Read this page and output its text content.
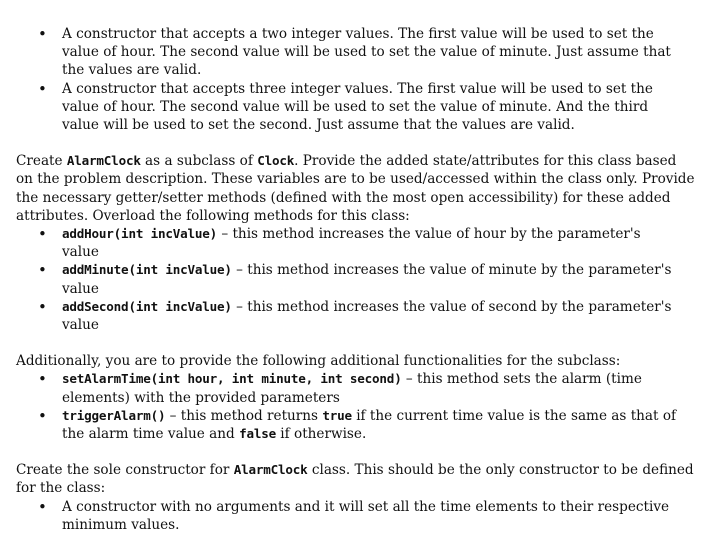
• A constructor that accepts a two integer values. The first value will be used to set the value of hour. The second value will be used to set the value of minute. Just assume that the values are valid.
• A constructor that accepts three integer values. The first value will be used to set the value of hour. The second value will be used to set the value of minute. And the third value will be used to set the second. Just assume that the values are valid.

Create AlarmClock as a subclass of Clock. Provide the added state/attributes for this class based on the problem description. These variables are to be used/accessed within the class only. Provide the necessary getter/setter methods (defined with the most open accessibility) for these added attributes. Overload the following methods for this class:

• addHour(int incValue) – this method increases the value of hour by the parameter's value
• addMinute(int incValue) – this method increases the value of minute by the parameter's value
• addSecond(int incValue) – this method increases the value of second by the parameter's value

Additionally, you are to provide the following additional functionalities for the subclass:

• setAlarmTime(int hour, int minute, int second) – this method sets the alarm (time elements) with the provided parameters
• triggerAlarm() – this method returns true if the current time value is the same as that of the alarm time value and false if otherwise.

Create the sole constructor for AlarmClock class. This should be the only constructor to be defined for the class:

• A constructor with no arguments and it will set all the time elements to their respective minimum values.
